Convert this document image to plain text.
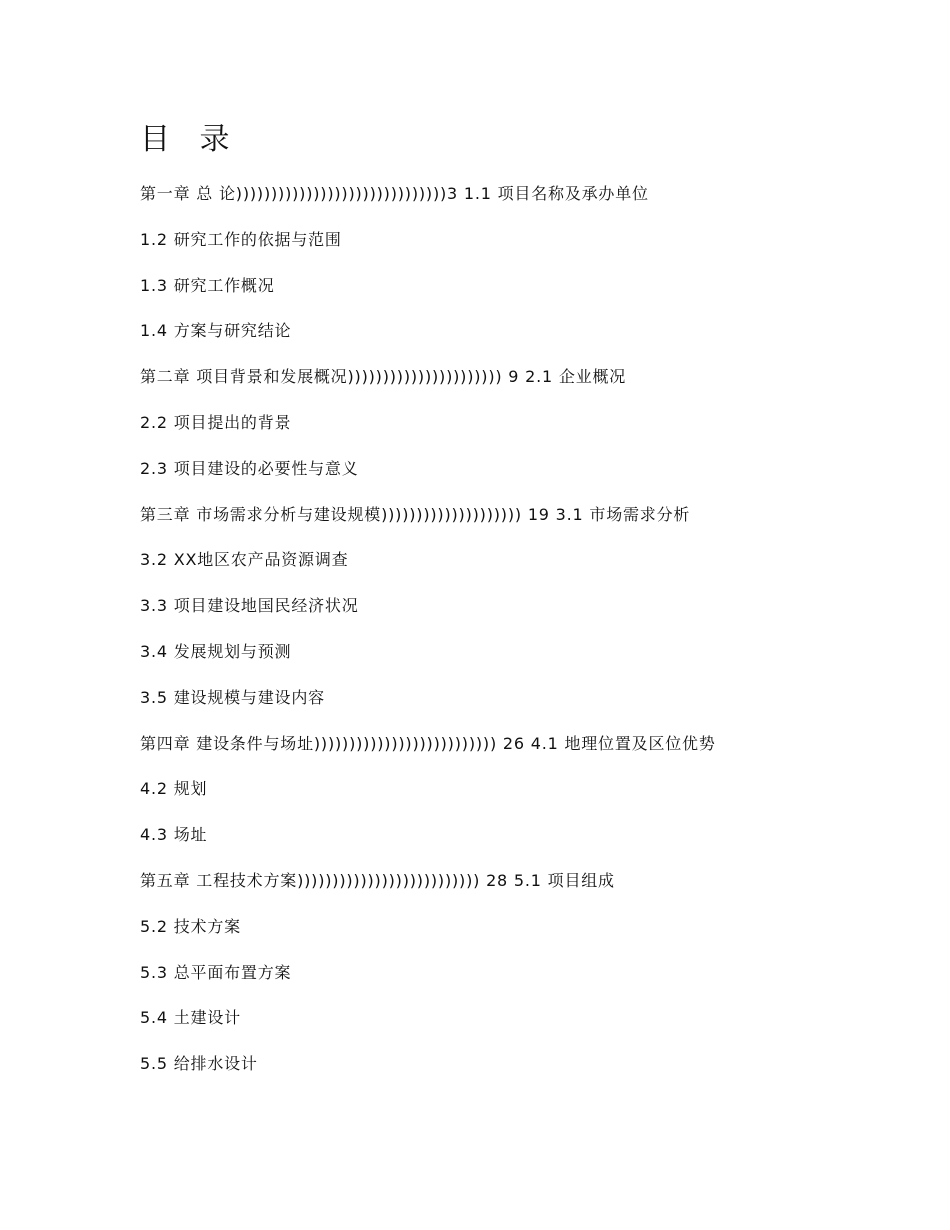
目 录
第一章 总 论))))))))))))))))))))))))))))))3 1.1 项目名称及承办单位
1.2 研究工作的依据与范围
1.3 研究工作概况
1.4 方案与研究结论
第二章 项目背景和发展概况)))))))))))))))))))))) 9 2.1 企业概况
2.2 项目提出的背景
2.3 项目建设的必要性与意义
第三章 市场需求分析与建设规模)))))))))))))))))))) 19 3.1 市场需求分析
3.2 XX地区农产品资源调查
3.3 项目建设地国民经济状况
3.4 发展规划与预测
3.5 建设规模与建设内容
第四章 建设条件与场址)))))))))))))))))))))))))) 26 4.1 地理位置及区位优势
4.2 规划
4.3 场址
第五章 工程技术方案)))))))))))))))))))))))))) 28 5.1 项目组成
5.2 技术方案
5.3 总平面布置方案
5.4 土建设计
5.5 给排水设计
